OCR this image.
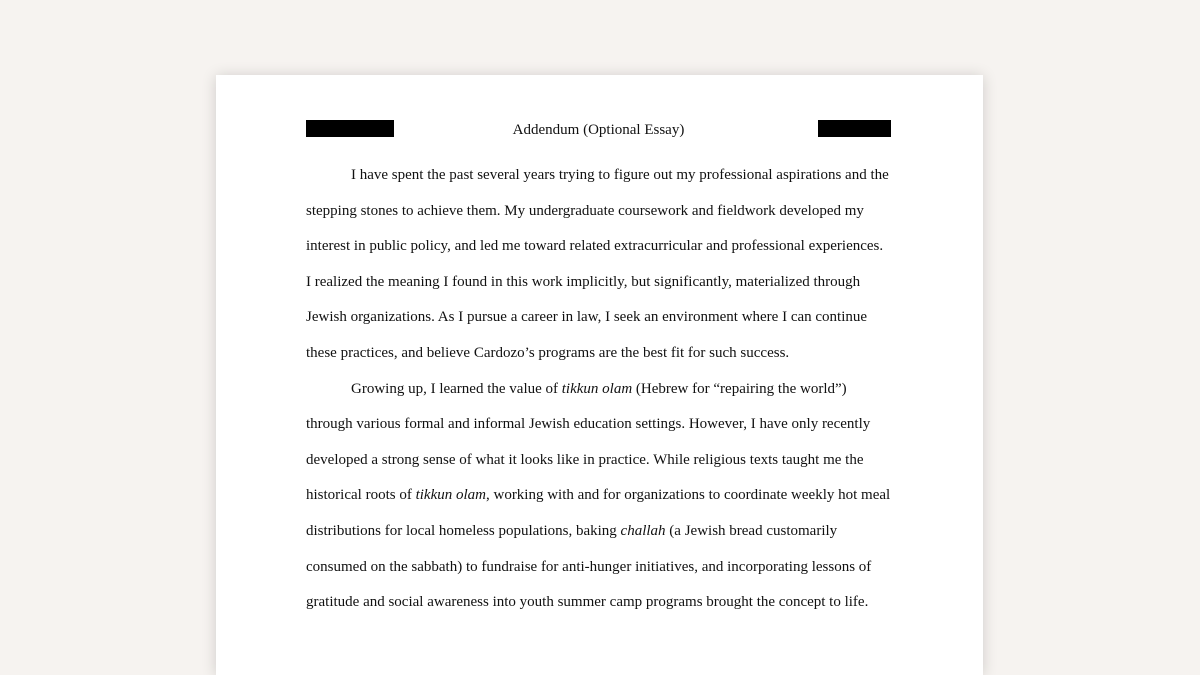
Addendum (Optional Essay)
I have spent the past several years trying to figure out my professional aspirations and the
stepping stones to achieve them. My undergraduate coursework and fieldwork developed my
interest in public policy, and led me toward related extracurricular and professional experiences.
I realized the meaning I found in this work implicitly, but significantly, materialized through
Jewish organizations. As I pursue a career in law, I seek an environment where I can continue
these practices, and believe Cardozo’s programs are the best fit for such success.
Growing up, I learned the value of tikkun olam (Hebrew for “repairing the world”)
through various formal and informal Jewish education settings. However, I have only recently
developed a strong sense of what it looks like in practice. While religious texts taught me the
historical roots of tikkun olam, working with and for organizations to coordinate weekly hot meal
distributions for local homeless populations, baking challah (a Jewish bread customarily
consumed on the sabbath) to fundraise for anti-hunger initiatives, and incorporating lessons of
gratitude and social awareness into youth summer camp programs brought the concept to life.
